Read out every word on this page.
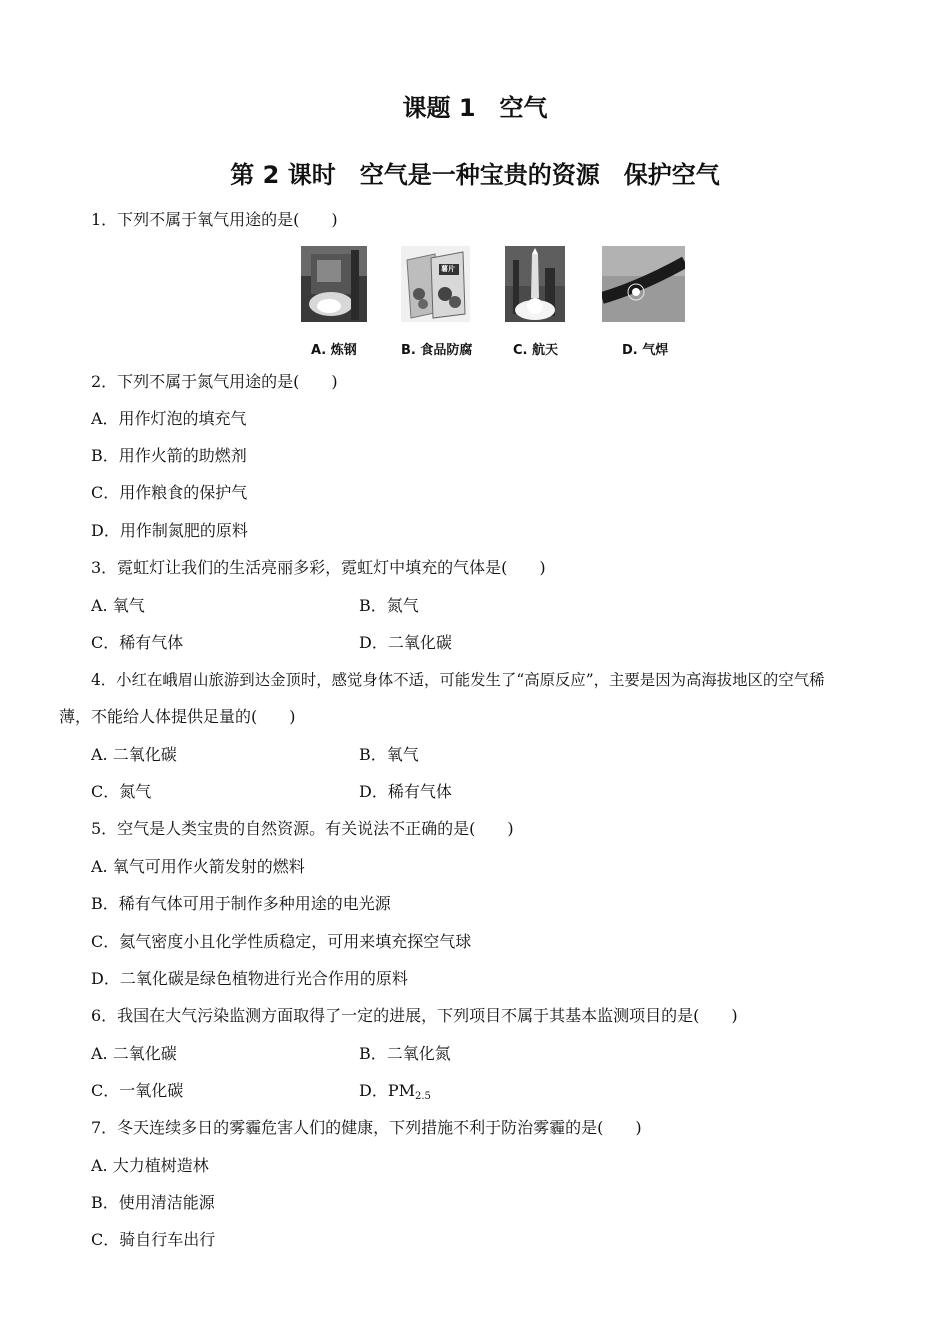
课题 1　空气
第 2 课时　空气是一种宝贵的资源　保护空气
1．下列不属于氧气用途的是(　　)
薯片
A. 炼钢	B. 食品防腐	C. 航天	D. 气焊
2．下列不属于氮气用途的是(　　)
A．用作灯泡的填充气
B．用作火箭的助燃剂
C．用作粮食的保护气
D．用作制氮肥的原料
3．霓虹灯让我们的生活亮丽多彩，霓虹灯中填充的气体是(　　)
A. 氧气	B．氮气
C．稀有气体	D．二氧化碳
4．小红在峨眉山旅游到达金顶时，感觉身体不适，可能发生了“高原反应”，主要是因为高海拔地区的空气稀
薄，不能给人体提供足量的(　　)
A. 二氧化碳	B．氧气
C．氮气	D．稀有气体
5．空气是人类宝贵的自然资源。有关说法不正确的是(　　)
A. 氧气可用作火箭发射的燃料
B．稀有气体可用于制作多种用途的电光源
C．氦气密度小且化学性质稳定，可用来填充探空气球
D．二氧化碳是绿色植物进行光合作用的原料
6．我国在大气污染监测方面取得了一定的进展，下列项目不属于其基本监测项目的是(　　)
A. 二氧化碳	B．二氧化氮
C．一氧化碳	D．$PM_{2.5}$
7．冬天连续多日的雾霾危害人们的健康，下列措施不利于防治雾霾的是(　　)
A. 大力植树造林
B．使用清洁能源
C．骑自行车出行
